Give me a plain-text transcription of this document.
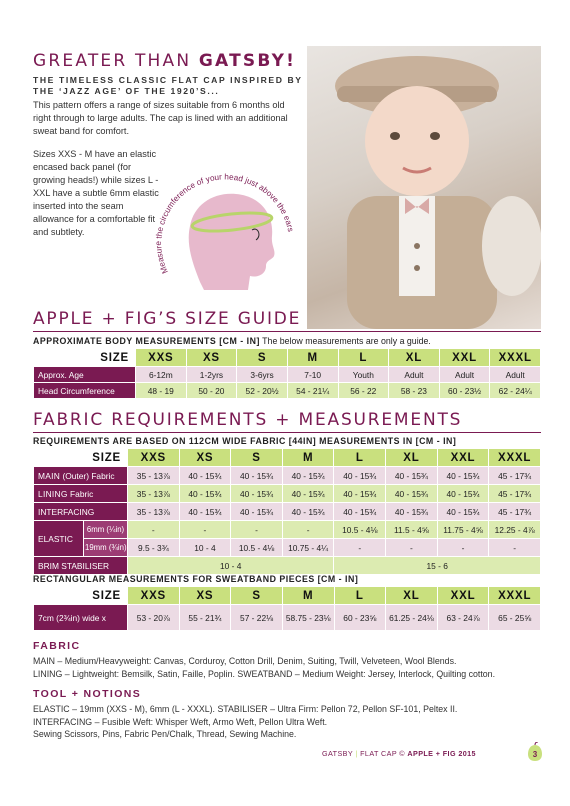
GREATER THAN GATSBY!
THE TIMELESS CLASSIC FLAT CAP INSPIRED BY THE ‘JAZZ AGE’ OF THE 1920’S...
This pattern offers a range of sizes suitable from 6 months old right through to large adults. The cap is lined with an additional sweat band for comfort.
Sizes XXS - M have an elastic encased back panel (for growing heads!) while sizes L - XXL have a subtle 6mm elastic inserted into the seam allowance for a comfortable fit and subtlety.
Measure the circumference of your head just above the ears
APPLE + FIG’S SIZE GUIDE
APPROXIMATE BODY MEASUREMENTS [CM - IN] The below measurements are only a guide.
SIZE	XXS	XS	S	M	L	XL	XXL	XXXL
Approx. Age	6-12m	1-2yrs	3-6yrs	7-10	Youth	Adult	Adult	Adult
Head Circumference	48 - 19	50 - 20	52 - 20½	54 - 21¼	56 - 22	58 - 23	60 - 23½	62 - 24¼
FABRIC REQUIREMENTS + MEASUREMENTS
REQUIREMENTS ARE BASED ON 112CM WIDE FABRIC [44IN] MEASUREMENTS IN [CM - IN]
SIZE		XXS	XS	S	M	L	XL	XXL	XXXL
MAIN (Outer) Fabric		35 - 13⅞	40 - 15¾	40 - 15¾	40 - 15¾	40 - 15¾	40 - 15¾	40 - 15¾	45 - 17¾
LINING Fabric		35 - 13⅞	40 - 15¾	40 - 15¾	40 - 15¾	40 - 15¾	40 - 15¾	40 - 15¾	45 - 17¾
INTERFACING		35 - 13⅞	40 - 15¾	40 - 15¾	40 - 15¾	40 - 15¾	40 - 15¾	40 - 15¾	45 - 17¾
ELASTIC	6mm (¼in)	-	-	-	-	10.5 - 4⅛	11.5 - 4⅝	11.75 - 4⅝	12.25 - 4⅞
	19mm (¾in)	9.5 - 3¾	10 - 4	10.5 - 4⅛	10.75 - 4¼	-	-	-	-
BRIM STABILISER		10 - 4				15 - 6			
RECTANGULAR MEASUREMENTS FOR SWEATBAND PIECES [CM - IN]
SIZE	XXS	XS	S	M	L	XL	XXL	XXXL
7cm (2¾in) wide x	53 - 20⅞	55 - 21¾	57 - 22⅛	58.75 - 23⅛	60 - 23⅝	61.25 - 24⅛	63 - 24⅞	65 - 25⅝
FABRIC
MAIN – Medium/Heavyweight: Canvas, Corduroy, Cotton Drill, Denim, Suiting, Twill, Velveteen, Wool Blends.
LINING – Lightweight: Bemsilk, Satin, Faille, Poplin. SWEATBAND – Medium Weight: Jersey, Interlock, Quilting cotton.
TOOL + NOTIONS
ELASTIC – 19mm (XXS - M), 6mm (L - XXXL). STABILISER – Ultra Firm: Pellon 72, Pellon SF-101, Peltex II.
INTERFACING – Fusible Weft: Whisper Weft, Armo Weft, Pellon Ultra Weft.
Sewing Scissors, Pins, Fabric Pen/Chalk, Thread, Sewing Machine.
GATSBY | FLAT CAP © APPLE + FIG 2015	3
